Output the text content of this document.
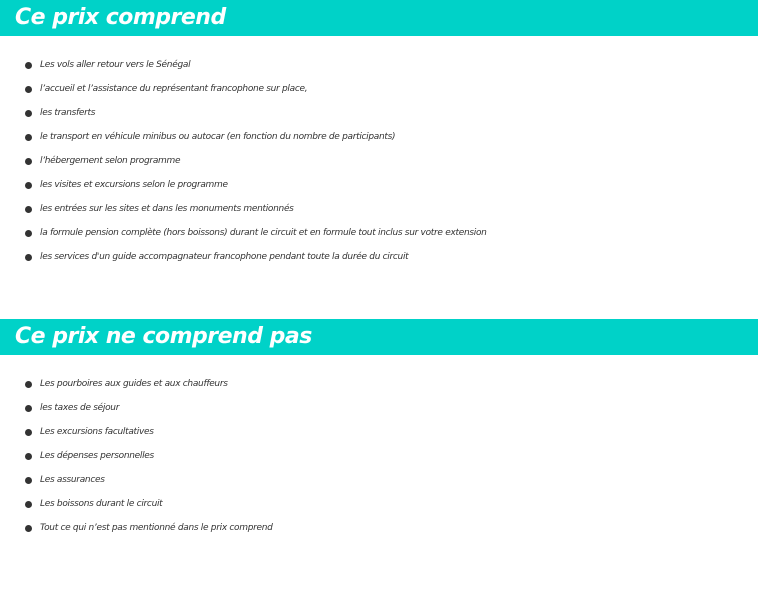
Ce prix comprend
Les vols aller retour vers le Sénégal
l’accueil et l’assistance du représentant francophone sur place,
les transferts
le transport en véhicule minibus ou autocar (en fonction du nombre de participants)
l’hébergement selon programme
les visites et excursions selon le programme
les entrées sur les sites et dans les monuments mentionnés
la formule pension complète (hors boissons) durant le circuit et en formule tout inclus sur votre extension
les services d'un guide accompagnateur francophone pendant toute la durée du circuit
Ce prix ne comprend pas
Les pourboires aux guides et aux chauffeurs
les taxes de séjour
Les excursions facultatives
Les dépenses personnelles
Les assurances
Les boissons durant le circuit
Tout ce qui n’est pas mentionné dans le prix comprend
